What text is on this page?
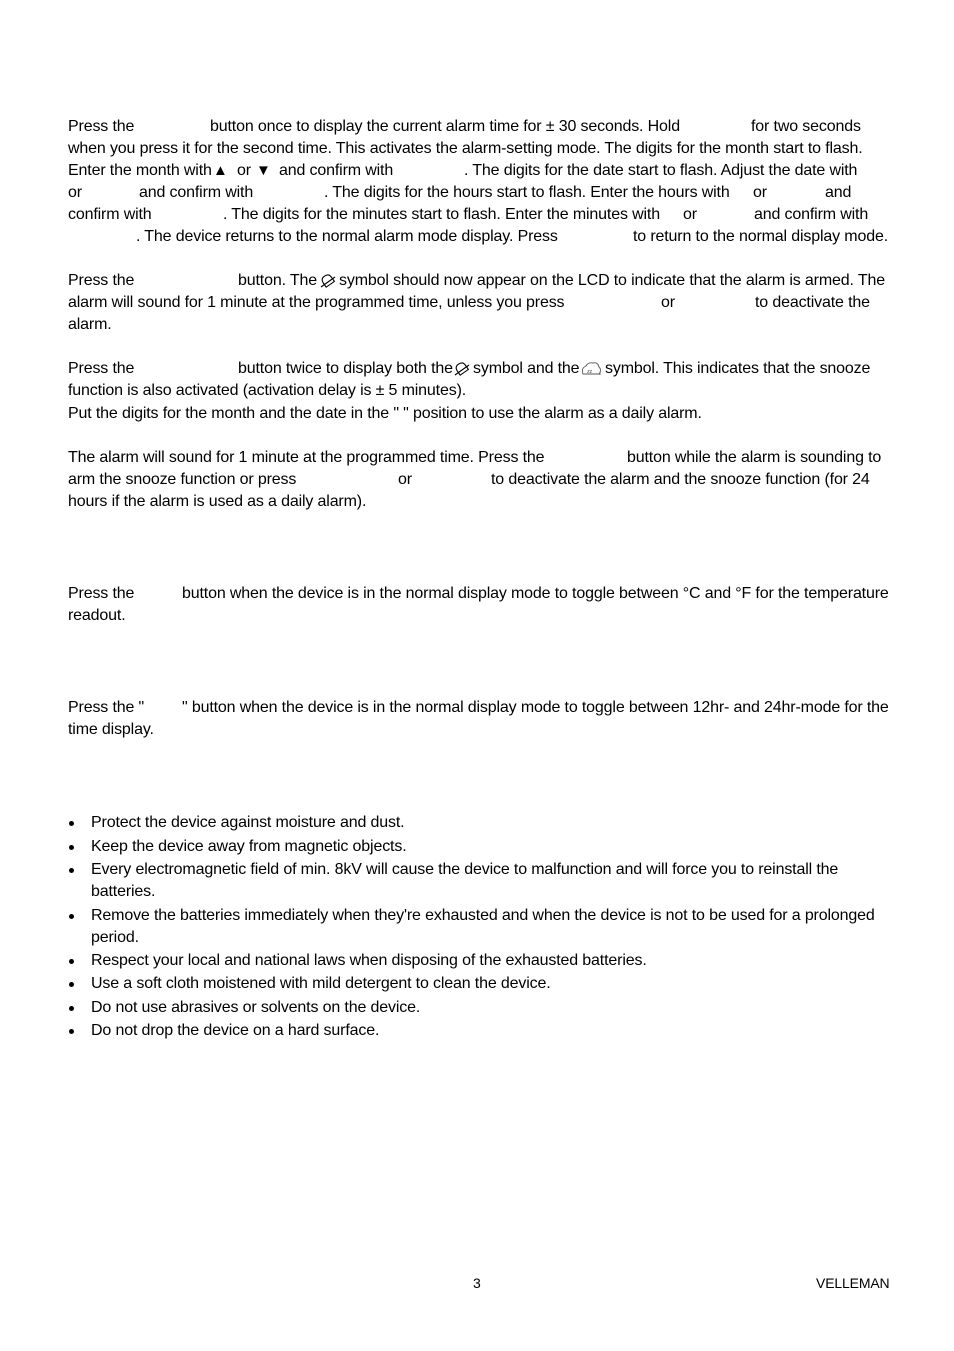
Press the	button once to display the current alarm time for ± 30 seconds. Hold	for two seconds
when you press it for the second time. This activates the alarm-setting mode. The digits for the month start to flash.
Enter the month with ▲ or ▼ and confirm with	. The digits for the date start to flash. Adjust the date with
or	and confirm with	. The digits for the hours start to flash. Enter the hours with or	and
confirm with	. The digits for the minutes start to flash. Enter the minutes with or	and confirm with
. The device returns to the normal alarm mode display. Press	to return to the normal display mode.
Press the	button. The symbol should now appear on the LCD to indicate that the alarm is armed. The
alarm will sound for 1 minute at the programmed time, unless you press	or	to deactivate the
alarm.
Press the	button twice to display both the symbol and the zz z symbol. This indicates that the snooze
function is also activated (activation delay is ± 5 minutes).
Put the digits for the month and the date in the " " position to use the alarm as a daily alarm.
The alarm will sound for 1 minute at the programmed time. Press the	button while the alarm is sounding to
arm the snooze function or press	or	to deactivate the alarm and the snooze function (for 24
hours if the alarm is used as a daily alarm).
Press the	button when the device is in the normal display mode to toggle between °C and °F for the temperature
readout.
Press the " " button when the device is in the normal display mode to toggle between 12hr- and 24hr-mode for the
time display.
Protect the device against moisture and dust.
Keep the device away from magnetic objects.
Every electromagnetic field of min. 8kV will cause the device to malfunction and will force you to reinstall the
batteries.
Remove the batteries immediately when they're exhausted and when the device is not to be used for a prolonged
period.
Respect your local and national laws when disposing of the exhausted batteries.
Use a soft cloth moistened with mild detergent to clean the device.
Do not use abrasives or solvents on the device.
Do not drop the device on a hard surface.
3	VELLEMAN
